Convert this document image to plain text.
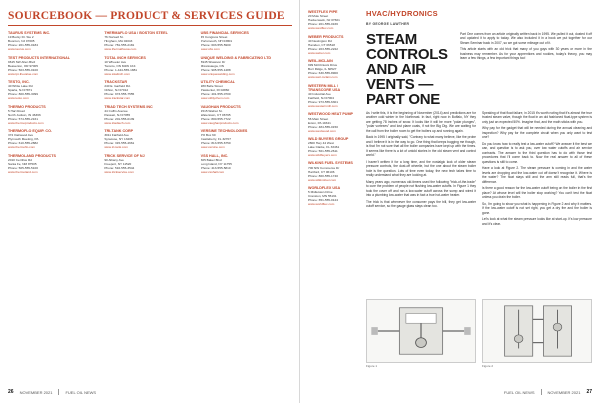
SOURCEBOOK — PRODUCT & SERVICES GUIDE
TAURUS SYSTEMS INC.
19 Bucky Dr. Ste 2
Boonton, NJ 07005
Phone: 201-555-0184
www.taurus.com
TEST PRODUCTS INTERNATIONAL
9615 SW Allen Blvd
Beaverton, OR 97005
Phone: 503-555-0100
www.tpi-thevalue.com
TESTO, INC.
40 White Lake Rd
Sparta, NJ 07871
Phone: 800-555-3099
www.testo.com
THERMO PRODUCTS
5 Hart Road
North Judson, IN 46366
Phone: 574-555-2161
www.thermoproducts.com
THERMOFLO EQUIP. CO.
372 Oakwood Ave
Plymouth Meeting, PA
Phone: 610-555-2882
www.thermoflo.com
THERMOLAND PRODUCTS
2010 Cerrillos Rd
Santa Fe, NM 87505
Phone: 505-555-5100
www.thermoland.com
THERMAFLO USA / BOSTON STEEL
76 Norwell St.
Hingham, MA 02043
Phone: 781-555-2181
www.thermaflousa.com
TOTAL INCH SERVICES
10 Wheeler Ave
Toronto, ON M2W 1K4
Phone: 1-444-555-1881
www.totalinch.com
TRACKSTAR
240 E. Garfield Rd.
Clifton, NJ 07012
Phone: 973-555-7555
www.trackstar.com
TRIAD TECH SYSTEMS INC
44 Coffin Avenue
Passaic, NJ 07055
Phone: 201-555-0139
www.triadtech.com
TRI-TANK CORP
3011 Fairfield Ave
Syracuse, NY 13205
Phone: 315-555-4661
www.tri-tank.com
TRICK SERVICE OF NJ
90 Albany Ave
Freeport, NY 11520
Phone: 516-555-3544
www.trickservice.com
UBS FINANCIAL SERVICES
45 Congress Street
Portsmouth, NH 03801
Phone: 603-555-5900
www.ubs.com
UNIQUE WELDING & FABRICATING LTD
5945 Shawson Dr
Mississauga, ON
Phone: 905-555-1488
www.uniquewelding.com
UTILITY CHEMICAL
280 Belle Street
Pawtucket, RI 02860
Phone: 401-555-0700
www.utilitychem.com
VAUGHAN PRODUCTS
1515 Walnut St.
Watertown, CT 06795
Phone: 800-555-7722
www.vaughanproducts.com
VERSINE TECHNOLOGIES
PO Box 60
Castleberry, FL 32707
Phone: 813-555-6750
www.versine.com
VSS HALL, INC.
305 Baker Blvd
Long Island, NY 11755
Phone: 413-555-5810
www.vsshall.com
26 NOVEMBER 2021	FUEL OIL NEWS
WESTFLEX PIPE
20 Mule Street
Hackensack, NJ 07601
Phone: 201-555-0166
www.westflex.com
WEBER PRODUCTS
40 Newington Rd
Hamden, CT 06518
Phone: 203-555-2222
www.weber.com
WEIL-MCLAIN
999 McClintock Drive
Burr Ridge, IL 60527
Phone: 630-555-8900
www.weil-mclain.com
WESTERN MILL / TRANSCORE USA
40 Industrial Ave
Fairfield, NJ 07004
Phone: 973-555-6301
www.westernmill.com
WESTWOOD HEAT PUMP
56 Main Street
Exton, PA 19341
Phone: 484-555-0150
www.westwood.com
WILD BUYERS GROUP
2800 Hwy 44 West
Lake Clarke, FL 33461
Phone: 561-555-2611
www.wildbuyers.com
WILKINS FUEL SYSTEMS
700 NW Commerce Dr
Hartford, CT 06106
Phone: 860-555-1740
www.wilkinsfuel.com
WORLDFLEX USA
5 Midletown Drive
Cranston, MN 55191
Phone: 651-555-0124
www.worldflex.com
HVAC/HYDRONICS
BY GEORGE LAWTHER
STEAM CONTROLS AND AIR VENTS — PART ONE

Part One comes from an article originally written back in 1995. We pulled it out, dusted it off and updated it to apply to today. We also included it in a book we put together for our Steam Seminar back in 2007, so we got some mileage out of it.

This article starts with an old trick that many of you guys with 30 years or more in the business may remember. As for your apprentices and rookies, today's theory, you may learn a few things, a few important things too!

As I write this, it is the beginning of November (2014) and predictions are for another cold winter in the Northeast. In fact, right now in Buffalo, NY they are getting 78 inches of snow. It looks like it will be more "polar plunges", "polar vortexes" and lost plane coats, if not the Big Dig. We are waiting for the call from the boiler room to get the boilers up and running again.

Back in 1995 I originally said, "Contrary to what many believe, like the probe and I believe it is in the way to go. One thing that keeps bugging me though, is that I'm not sure that all the boiler companies have kept up with the times. It seems like there is a lot of untold stories in the old steam vent and control world."

I haven't written it for a long time, and the nostalgic look of older steam pressure controls, the dust-off wheelie, but the one about the steam boiler hole is the question. Lots of time even today, the new tech takes time to really understand what they are looking at.

Many years ago, numerous old-timers used the following "trick-of-the-trade" to cure the problem of people not flushing low-water cutoffs. In Figure 1 they took the cover off and ran a low-water cutoff across the sump and wired it into a plumbing low-water that was in fact a true hot-water heater.

The trick is that whenever the consumer pays the bill, they get low-water cutoff service, so the gauge glass stays clean too.

Speaking of that float failure, in 2015 it's worth noting that it's almost the true trusted steam valve, though the float in an old fashioned float-type system is only just an expected 50%. Imagine that, and the math sticks with you.

Why pay for the gadget that will be needed during the annual cleaning and inspection? Why pay for the complete circuit when you only want to test one?

Do you know how to really test a low-water cutoff? We answer it the best we can, and question is to ask you, over low water cutoffs and air service contracts. The answer to the third question has to do with those test procedures that I'll come back to. Now the real answer to all of these questions is still to come.

Have a look at Figure 2. The steam pressure is coming in and the water levels are dropping and the low-water cut off doesn't recognise it. Where is the water? The float stays still and the arm still reads full, that's the difference.

Is there a good reason for the low-water cutoff being on the boiler in the first place? At whose level will the boiler stop working? You can't test the float unless you drain the boiler.

So, I'm going to show you what is happening in Figure 2 and why it matters. If the low-water cutoff is not set right, you get a dry fire and the boiler is gone.

Let's look at what the steam pressure looks like at start-up. It's low pressure and it's clear.

Figure 1	Figure 2
FUEL OIL NEWS	NOVEMBER 2021 27
